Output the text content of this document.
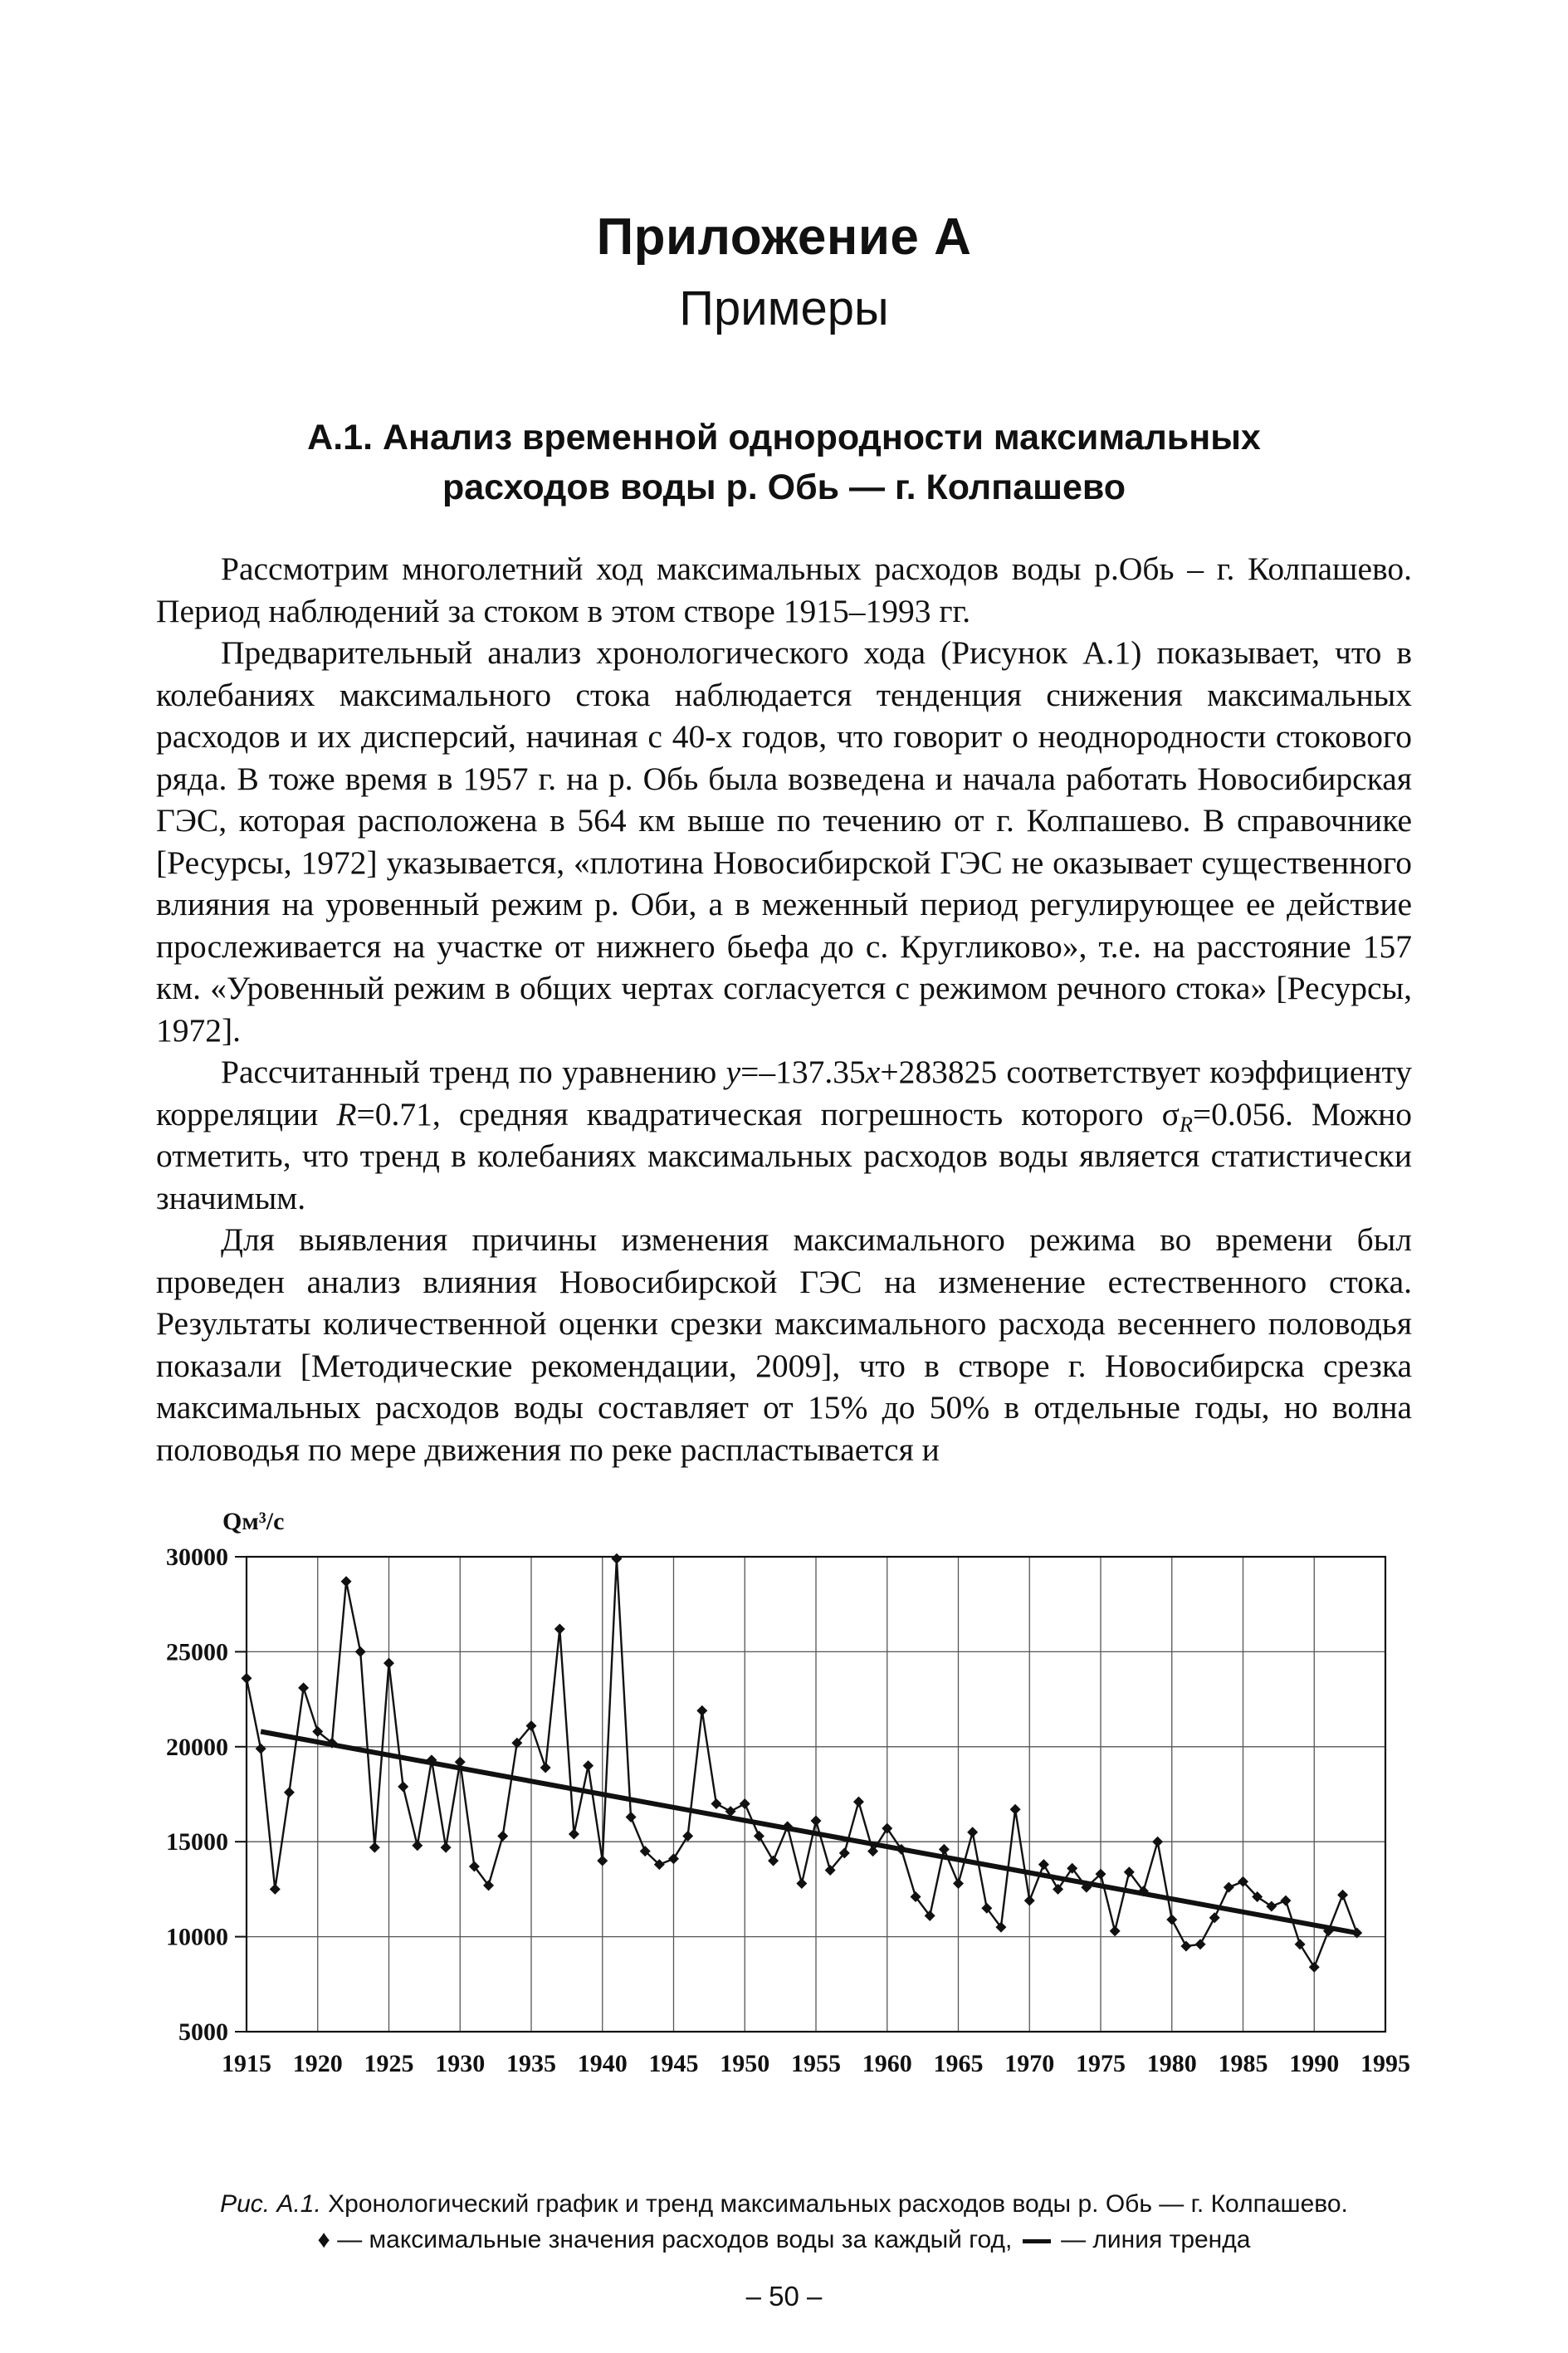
Приложение А
Примеры
А.1. Анализ временной однородности максимальных
расходов воды р. Обь — г. Колпашево

Рассмотрим многолетний ход максимальных расходов воды р.Обь – г. Колпашево. Период наблюдений за стоком в этом створе 1915–1993 гг.

Предварительный анализ хронологического хода (Рисунок А.1) показывает, что в колебаниях максимального стока наблюдается тенденция снижения максимальных расходов и их дисперсий, начиная с 40-х годов, что говорит о неоднородности стокового ряда. В тоже время в 1957 г. на р. Обь была возведена и начала работать Новосибирская ГЭС, которая расположена в 564 км выше по течению от г. Колпашево. В справочнике [Ресурсы, 1972] указывается, «плотина Новосибирской ГЭС не оказывает существенного влияния на уровенный режим р. Оби, а в меженный период регулирующее ее действие прослеживается на участке от нижнего бьефа до с. Кругликово», т.е. на расстояние 157 км. «Уровенный режим в общих чертах согласуется с режимом речного стока» [Ресурсы, 1972].

Рассчитанный тренд по уравнению y=–137.35x+283825 соответствует коэффициенту корреляции R=0.71, средняя квадратическая погрешность которого $\sigma_R=0.056$. Можно отметить, что тренд в колебаниях максимальных расходов воды является статистически значимым.

Для выявления причины изменения максимального режима во времени был проведен анализ влияния Новосибирской ГЭС на изменение естественного стока. Результаты количественной оценки срезки максимального расхода весеннего половодья показали [Методические рекомендации, 2009], что в створе г. Новосибирска срезка максимальных расходов воды составляет от 15% до 50% в отдельные годы, но волна половодья по мере движения по реке распластывается и

Qм³/с
1915 1920 1925 1930 1935 1940 1945 1950 1955 1960 1965 1970 1975 1980 1985 1990 1995
5000
10000
15000
20000
25000
30000
Рис. А.1. Хронологический график и тренд максимальных расходов воды р. Обь — г. Колпашево.
♦ — максимальные значения расходов воды за каждый год,  — линия тренда
– 50 –
